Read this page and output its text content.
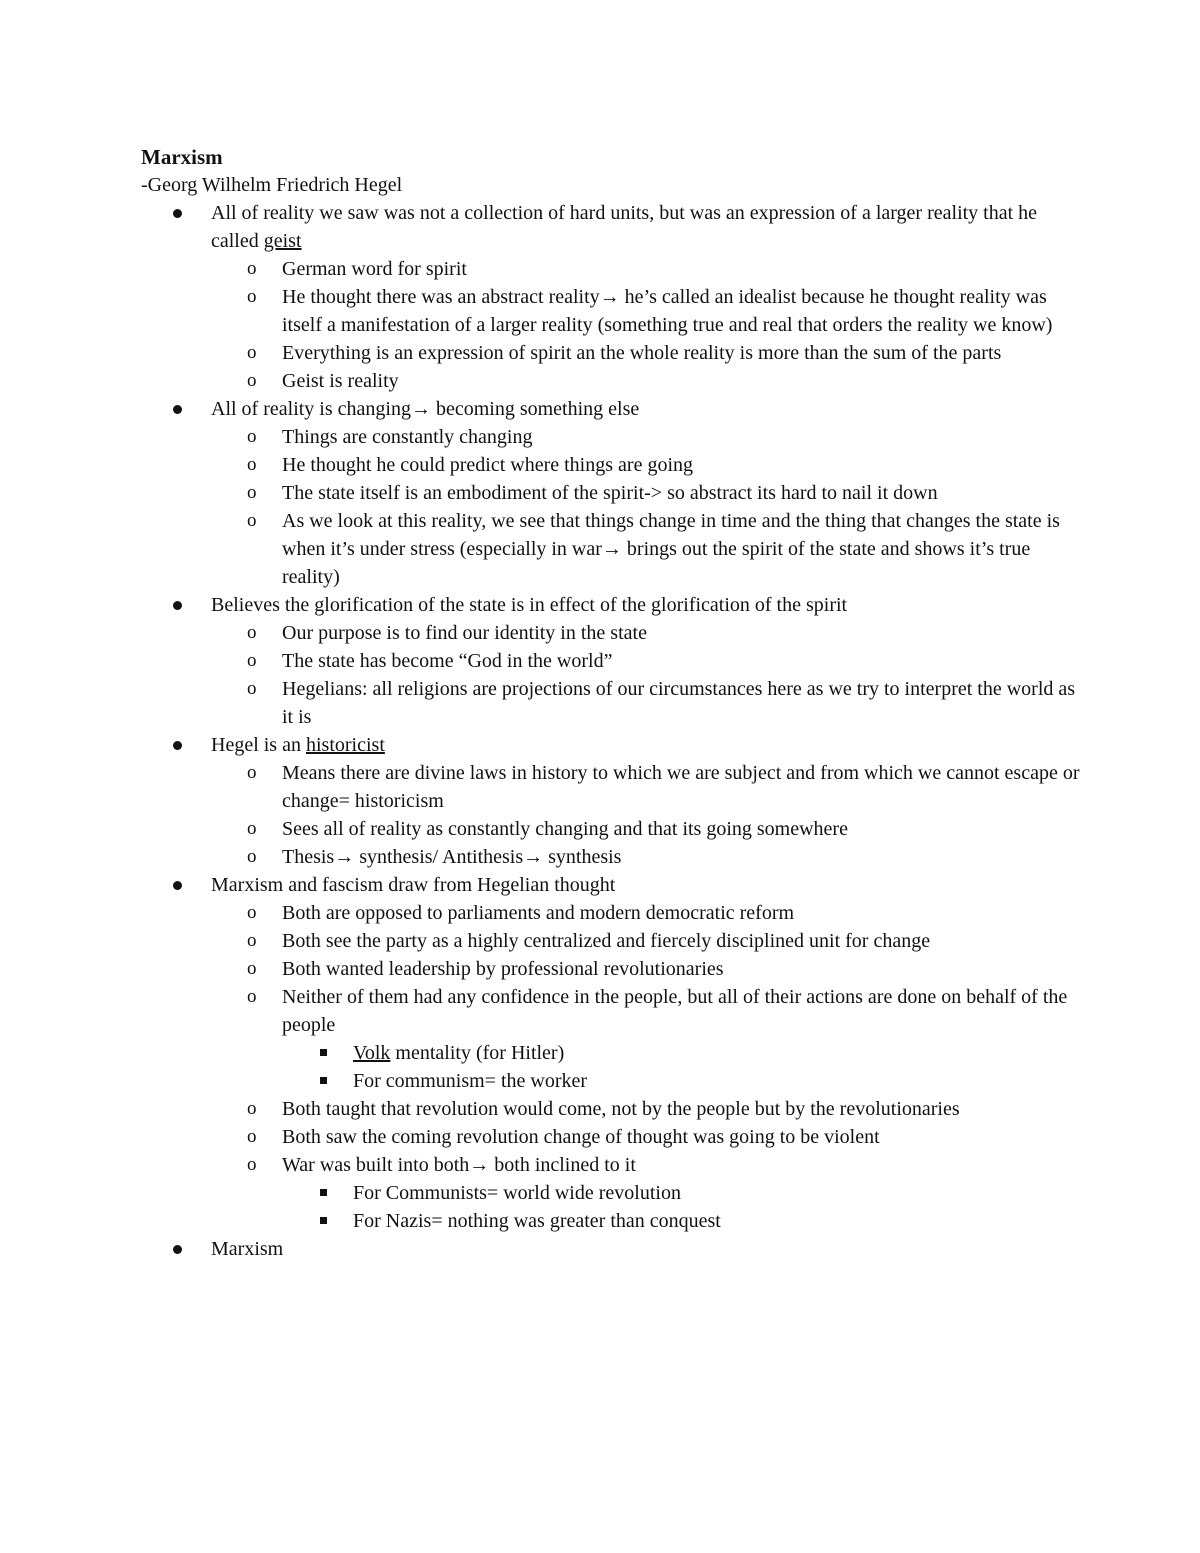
Marxism

-Georg Wilhelm Friedrich Hegel

All of reality we saw was not a collection of hard units, but was an expression of a larger reality that he called geist
o German word for spirit
o He thought there was an abstract reality→ he’s called an idealist because he thought reality was itself a manifestation of a larger reality (something true and real that orders the reality we know)
o Everything is an expression of spirit an the whole reality is more than the sum of the parts
o Geist is reality
All of reality is changing→ becoming something else
o Things are constantly changing
o He thought he could predict where things are going
o The state itself is an embodiment of the spirit-> so abstract its hard to nail it down
o As we look at this reality, we see that things change in time and the thing that changes the state is when it’s under stress (especially in war→ brings out the spirit of the state and shows it’s true reality)
Believes the glorification of the state is in effect of the glorification of the spirit
o Our purpose is to find our identity in the state
o The state has become “God in the world”
o Hegelians: all religions are projections of our circumstances here as we try to interpret the world as it is
Hegel is an historicist
o Means there are divine laws in history to which we are subject and from which we cannot escape or change= historicism
o Sees all of reality as constantly changing and that its going somewhere
o Thesis→ synthesis/ Antithesis→ synthesis
Marxism and fascism draw from Hegelian thought
o Both are opposed to parliaments and modern democratic reform
o Both see the party as a highly centralized and fiercely disciplined unit for change
o Both wanted leadership by professional revolutionaries
o Neither of them had any confidence in the people, but all of their actions are done on behalf of the people
Volk mentality (for Hitler)
For communism= the worker
o Both taught that revolution would come, not by the people but by the revolutionaries
o Both saw the coming revolution change of thought was going to be violent
o War was built into both→ both inclined to it
For Communists= world wide revolution
For Nazis= nothing was greater than conquest
Marxism
